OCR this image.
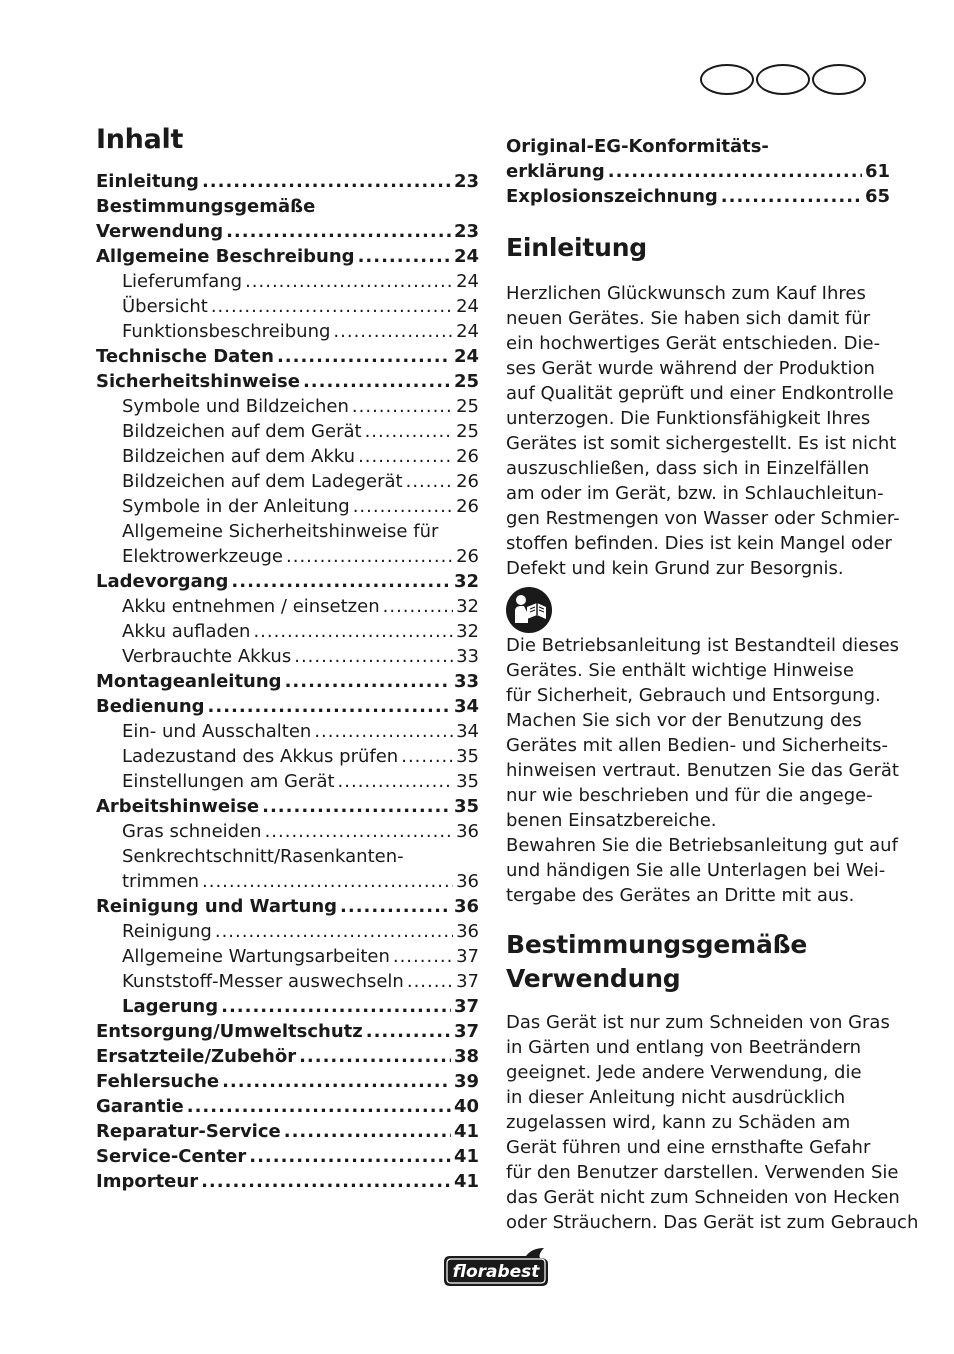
Inhalt
Einleitung .....	23
Bestimmungsgemäße
Verwendung .....	23
Allgemeine Beschreibung .....	24
Lieferumfang .....	24
Übersicht .....	24
Funktionsbeschreibung .....	24
Technische Daten .....	24
Sicherheitshinweise .....	25
Symbole und Bildzeichen .....	25
Bildzeichen auf dem Gerät .....	25
Bildzeichen auf dem Akku .....	26
Bildzeichen auf dem Ladegerät .....	26
Symbole in der Anleitung .....	26
Allgemeine Sicherheitshinweise für
Elektrowerkzeuge .....	26
Ladevorgang .....	32
Akku entnehmen / einsetzen .....	32
Akku aufladen .....	32
Verbrauchte Akkus .....	33
Montageanleitung .....	33
Bedienung .....	34
Ein- und Ausschalten .....	34
Ladezustand des Akkus prüfen .....	35
Einstellungen am Gerät .....	35
Arbeitshinweise .....	35
Gras schneiden .....	36
Senkrechtschnitt/Rasenkanten-
trimmen .....	36
Reinigung und Wartung .....	36
Reinigung .....	36
Allgemeine Wartungsarbeiten .....	37
Kunststoff-Messer auswechseln .....	37
Lagerung .....	37
Entsorgung/Umweltschutz .....	37
Ersatzteile/Zubehör .....	38
Fehlersuche .....	39
Garantie .....	40
Reparatur-Service .....	41
Service-Center .....	41
Importeur .....	41
Original-EG-Konformitäts-
erklärung .....	61
Explosionszeichnung .....	65
Einleitung
Herzlichen Glückwunsch zum Kauf Ihres
neuen Gerätes. Sie haben sich damit für
ein hochwertiges Gerät entschieden. Die-
ses Gerät wurde während der Produktion
auf Qualität geprüft und einer Endkontrolle
unterzogen. Die Funktionsfähigkeit Ihres
Gerätes ist somit sichergestellt. Es ist nicht
auszuschließen, dass sich in Einzelfällen
am oder im Gerät, bzw. in Schlauchleitun-
gen Restmengen von Wasser oder Schmier-
stoffen befinden. Dies ist kein Mangel oder
Defekt und kein Grund zur Besorgnis.
Die Betriebsanleitung ist Bestandteil dieses
Gerätes. Sie enthält wichtige Hinweise
für Sicherheit, Gebrauch und Entsorgung.
Machen Sie sich vor der Benutzung des
Gerätes mit allen Bedien- und Sicherheits-
hinweisen vertraut. Benutzen Sie das Gerät
nur wie beschrieben und für die angege-
benen Einsatzbereiche.
Bewahren Sie die Betriebsanleitung gut auf
und händigen Sie alle Unterlagen bei Wei-
tergabe des Gerätes an Dritte mit aus.
Bestimmungsgemäße
Verwendung
Das Gerät ist nur zum Schneiden von Gras
in Gärten und entlang von Beeträndern
geeignet. Jede andere Verwendung, die
in dieser Anleitung nicht ausdrücklich
zugelassen wird, kann zu Schäden am
Gerät führen und eine ernsthafte Gefahr
für den Benutzer darstellen. Verwenden Sie
das Gerät nicht zum Schneiden von Hecken
oder Sträuchern. Das Gerät ist zum Gebrauch
florabest
